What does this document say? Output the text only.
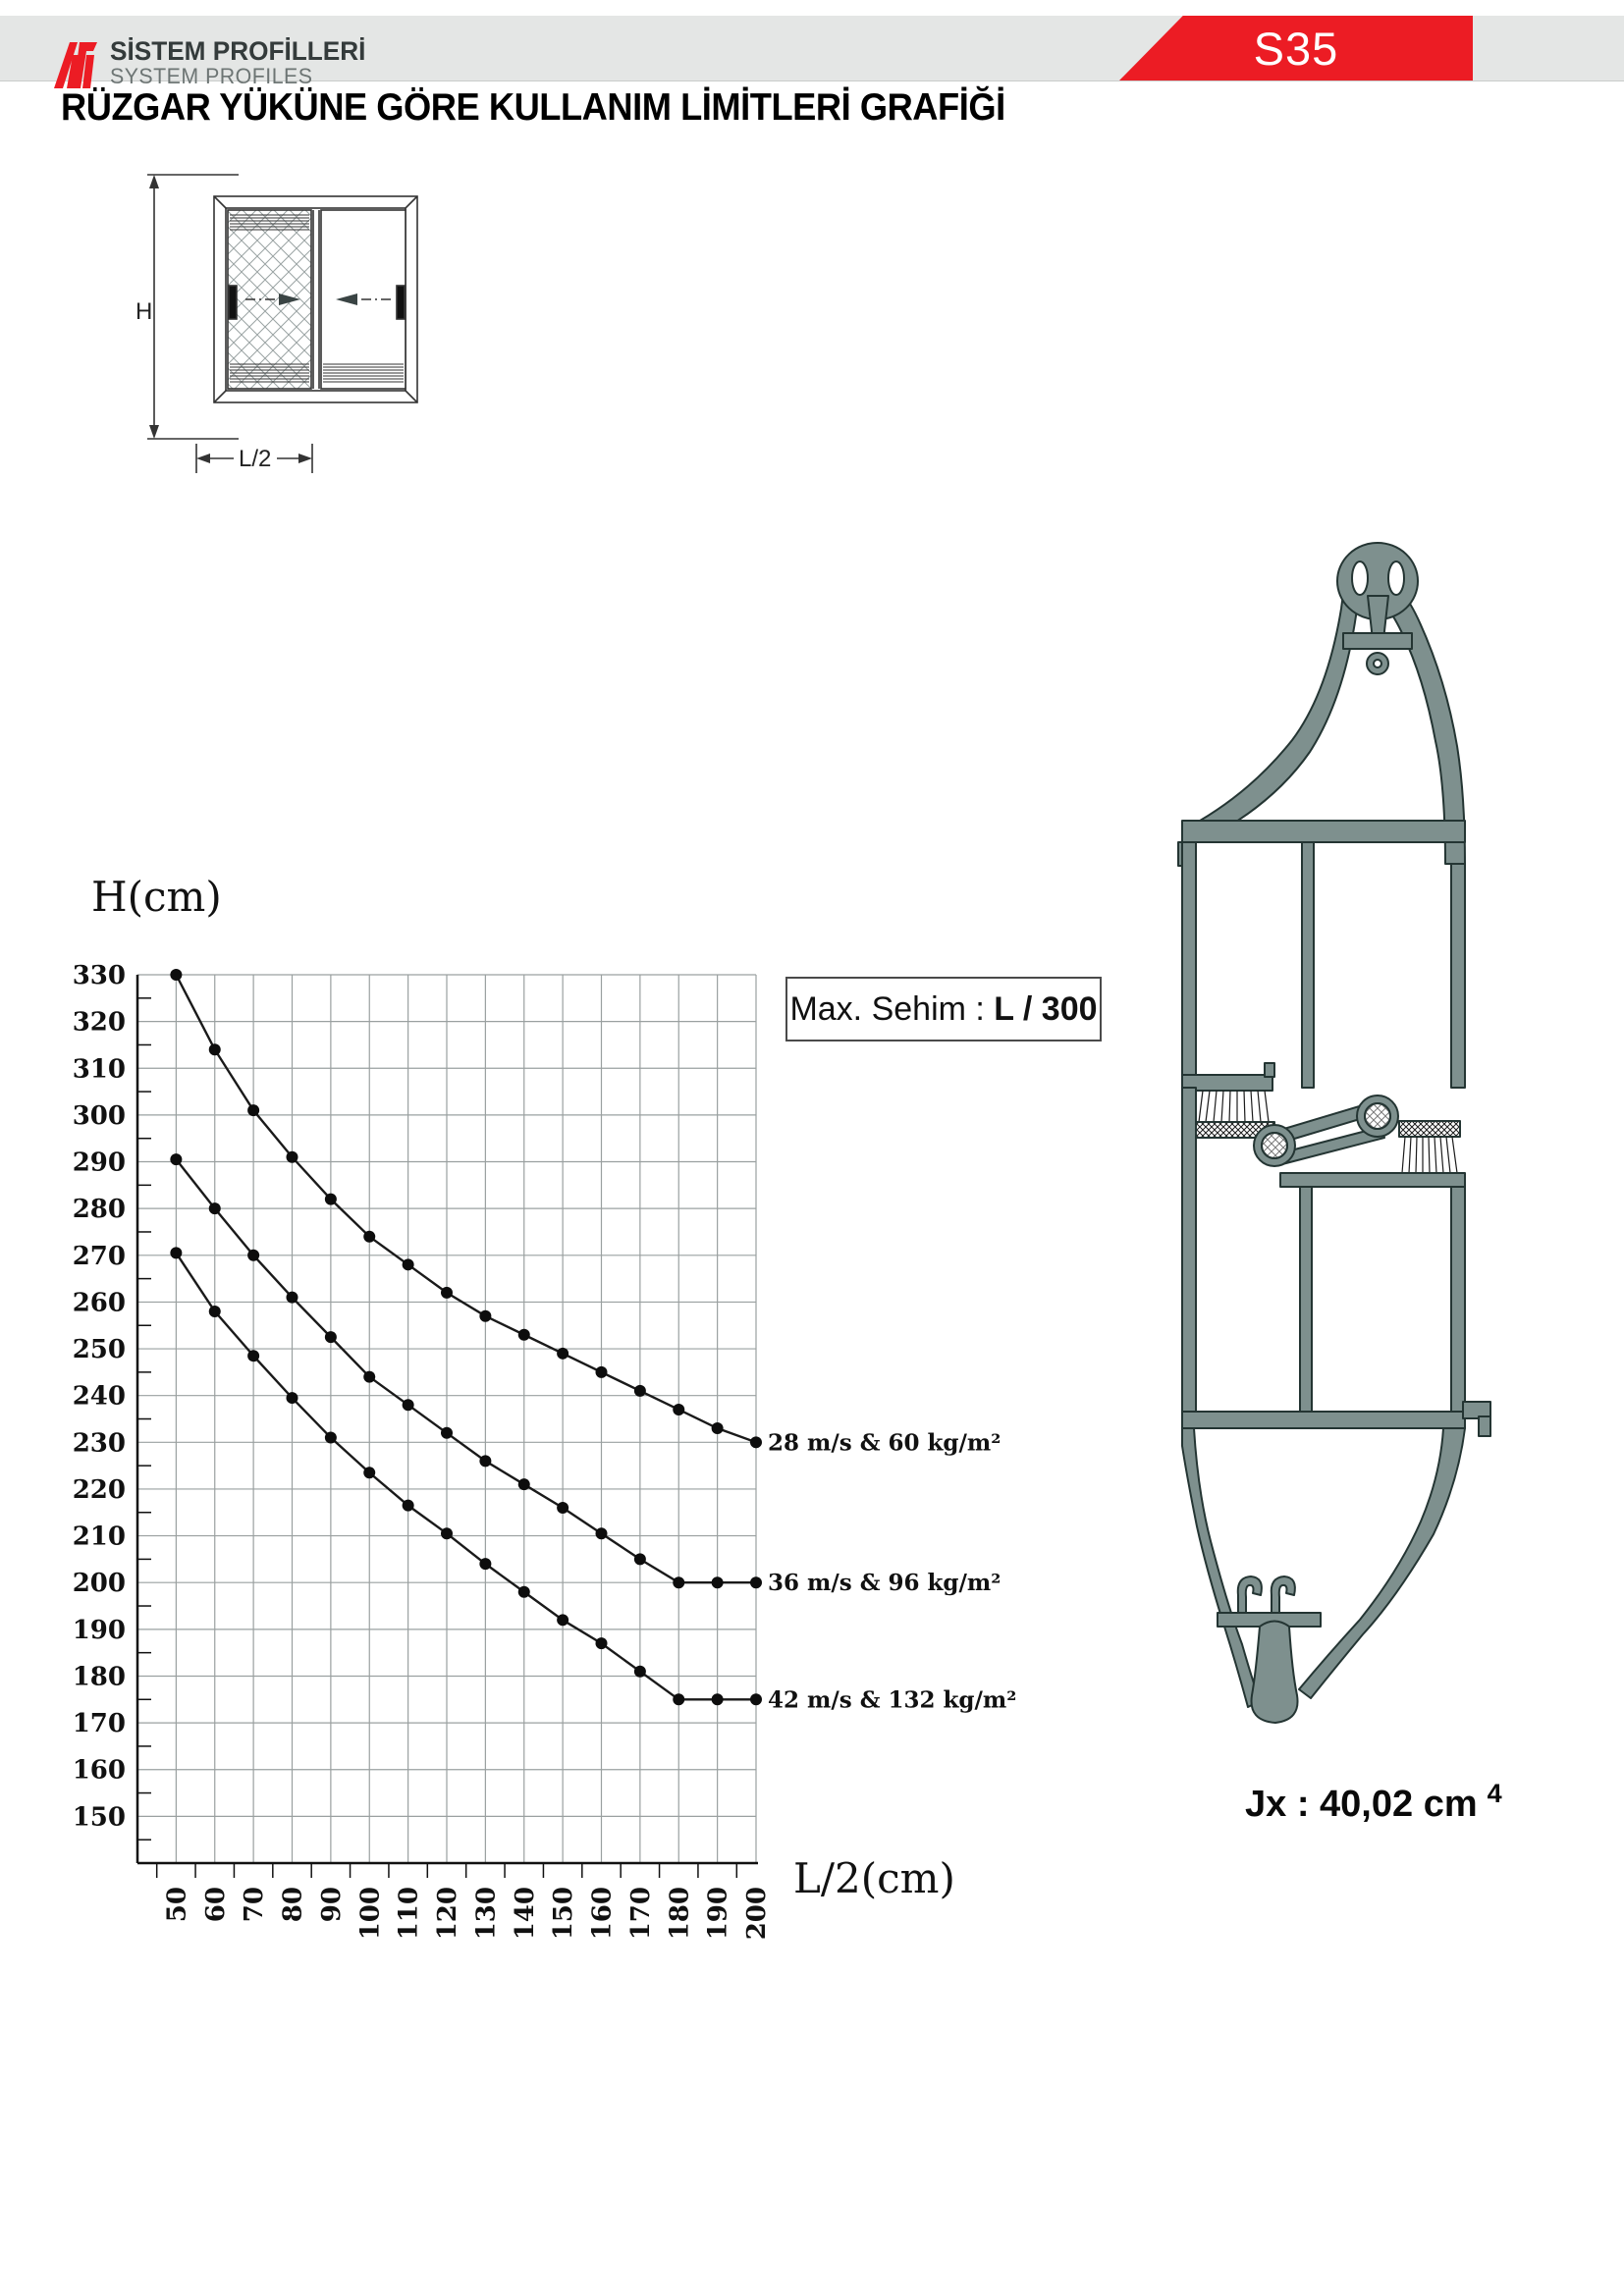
SİSTEM PROFİLLERİ
SYSTEM PROFILES
S35
RÜZGAR YÜKÜNE GÖRE KULLANIM LİMİTLERİ GRAFİĞİ
H
L/2
150
160
170
180
190
200
210
220
230
240
250
260
270
280
290
300
310
320
330
50 60 70 80 90 100 110 120 130 140 150 160 170 180 190 200
H(cm)
L/2(cm)
28 m/s & 60 kg/m²
36 m/s & 96 kg/m²
42 m/s & 132 kg/m²
Max. Sehim : L / 300
Jx : 40,02 cm $^4$
